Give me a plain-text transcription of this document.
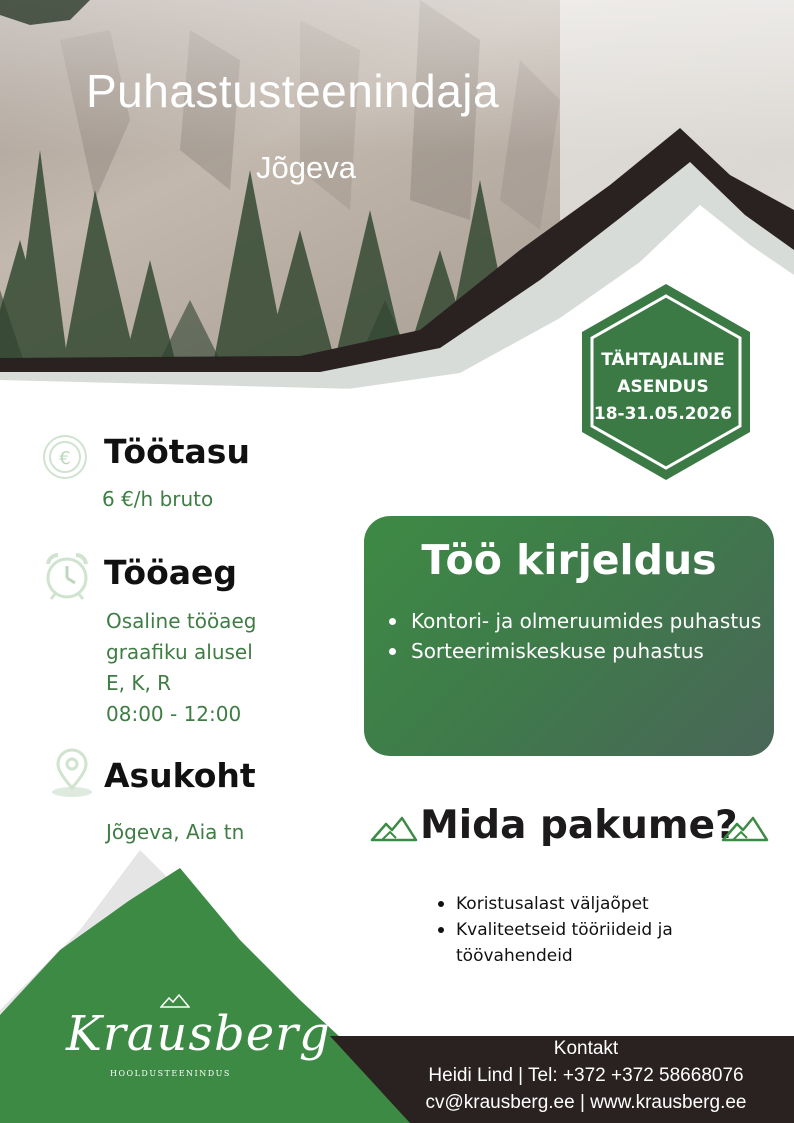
Puhastusteenindaja
Jõgeva
TÄHTAJALINE
ASENDUS
18-31.05.2026
€ Töötasu
6 €/h bruto
Tööaeg
Osaline tööaeg
graafiku alusel
E, K, R
08:00 - 12:00
Asukoht
Jõgeva, Aia tn
Töö kirjeldus
Kontori- ja olmeruumides puhastus
Sorteerimiskeskuse puhastus
Mida pakume?
Koristusalast väljaõpet
Kvaliteetseid tööriideid ja töövahendeid
Krausberg
HOOLDUSTEENINDUS
Kontakt
Heidi Lind | Tel: +372 +372 58668076
cv@krausberg.ee | www.krausberg.ee
